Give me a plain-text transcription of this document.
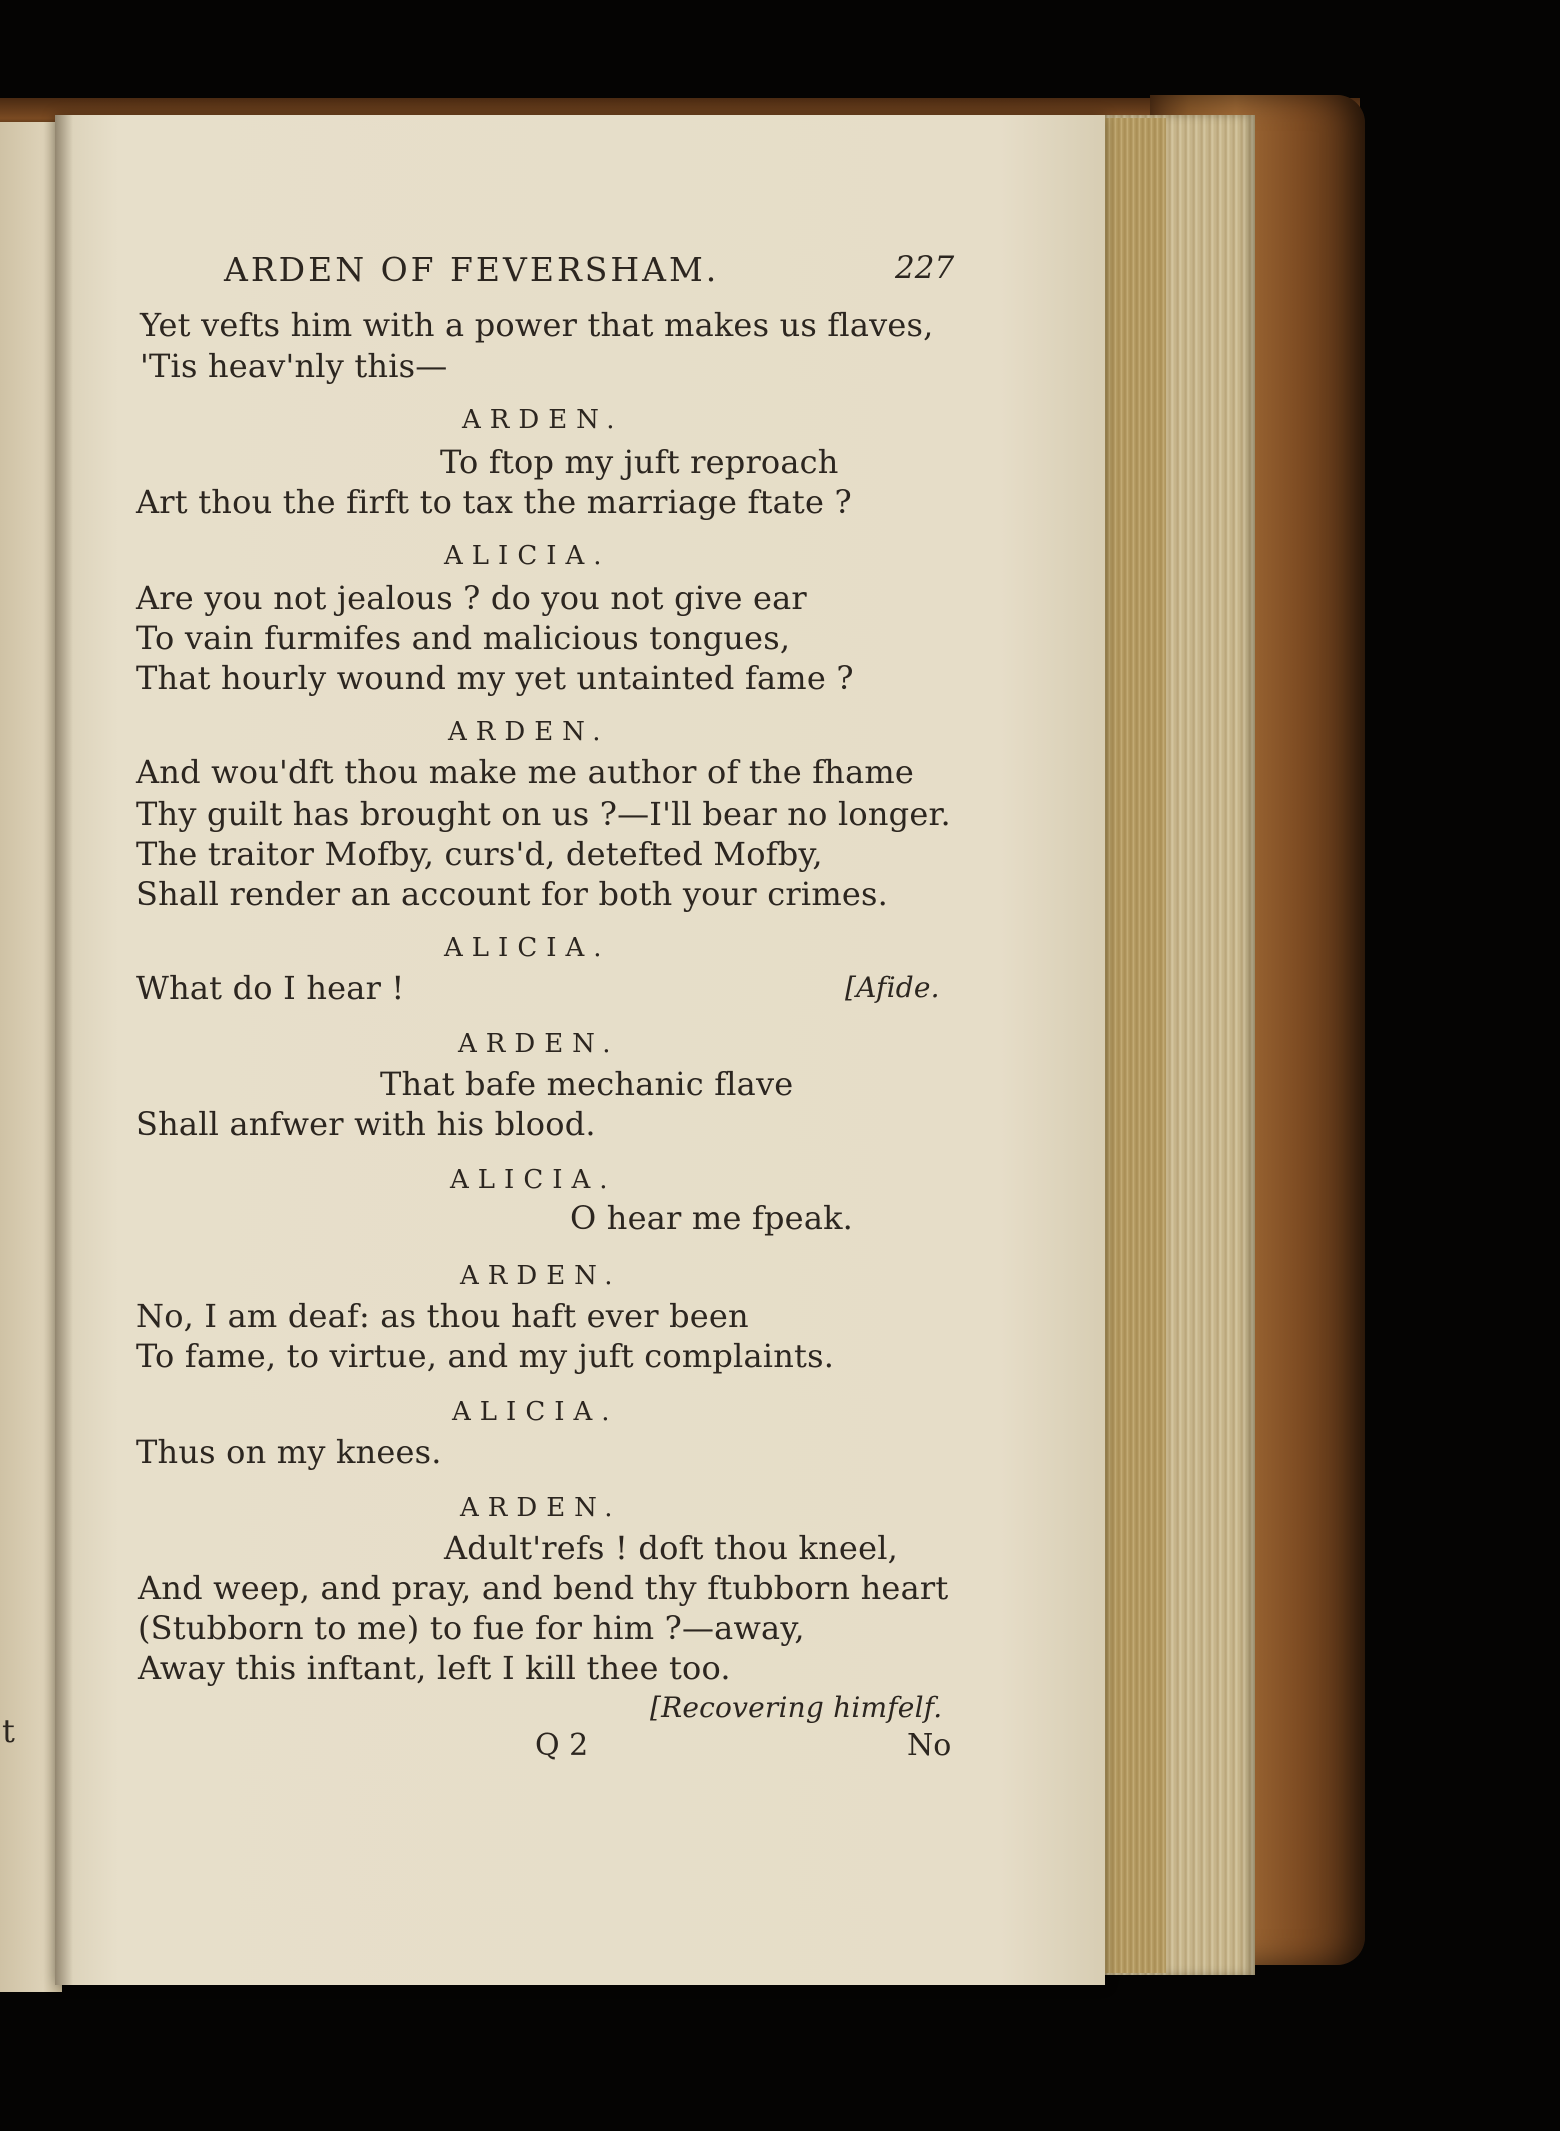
t
ARDEN OF FEVERSHAM.	227
Yet vefts him with a power that makes us flaves,
'Tis heav'nly this—
ARDEN.
To ftop my juft reproach
Art thou the firft to tax the marriage ftate ?
ALICIA.
Are you not jealous ? do you not give ear
To vain furmifes and malicious tongues,
That hourly wound my yet untainted fame ?
ARDEN.
And wou'dft thou make me author of the fhame
Thy guilt has brought on us ?—I'll bear no longer.
The traitor Mofby, curs'd, detefted Mofby,
Shall render an account for both your crimes.
ALICIA.
What do I hear !	[Afide.
ARDEN.
That bafe mechanic flave
Shall anfwer with his blood.
ALICIA.
O hear me fpeak.
ARDEN.
No, I am deaf: as thou haft ever been
To fame, to virtue, and my juft complaints.
ALICIA.
Thus on my knees.
ARDEN.
Adult'refs ! doft thou kneel,
And weep, and pray, and bend thy ftubborn heart
(Stubborn to me) to fue for him ?—away,
Away this inftant, left I kill thee too.
[Recovering himfelf.
Q 2	No
